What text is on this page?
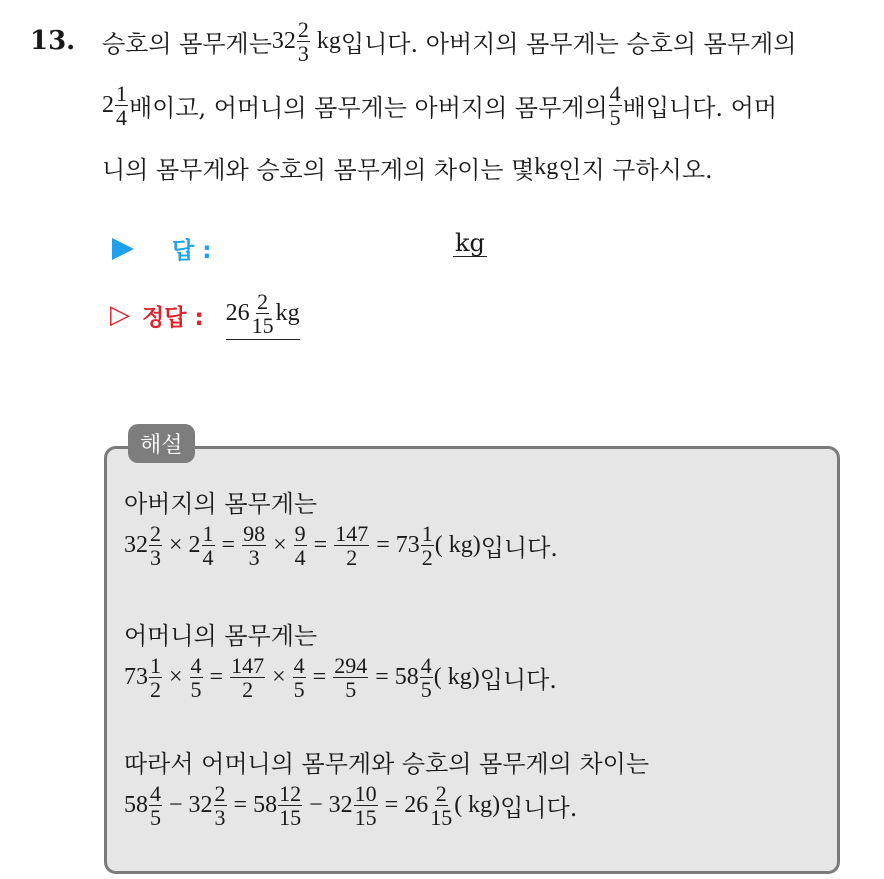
13. 승호의 몸무게는 $32 \frac{2}{3}$ kg 입니다. 아버지의 몸무게는 승호의 몸무게의
$2 \frac{1}{4}$ 배이고, 어머니의 몸무게는 아버지의 몸무게의 $\frac{4}{5}$ 배입니다. 어머
니의 몸무게와 승호의 몸무게의 차이는 몇 kg 인지 구하시오.
답 :	kg
▷ 정답 : $26 \frac{2}{15}$ kg
해설
아버지의 몸무게는
$32 \frac{2}{3} \times 2 \frac{1}{4} = \frac{98}{3} \times \frac{9}{4} = \frac{147}{2} = 73 \frac{1}{2}$ ( kg) 입니다.
어머니의 몸무게는
$73 \frac{1}{2} \times \frac{4}{5} = \frac{147}{2} \times \frac{4}{5} = \frac{294}{5} = 58 \frac{4}{5}$ ( kg) 입니다.
따라서 어머니의 몸무게와 승호의 몸무게의 차이는
$58 \frac{4}{5} - 32 \frac{2}{3} = 58 \frac{12}{15} - 32 \frac{10}{15} = 26 \frac{2}{15}$ ( kg) 입니다.
